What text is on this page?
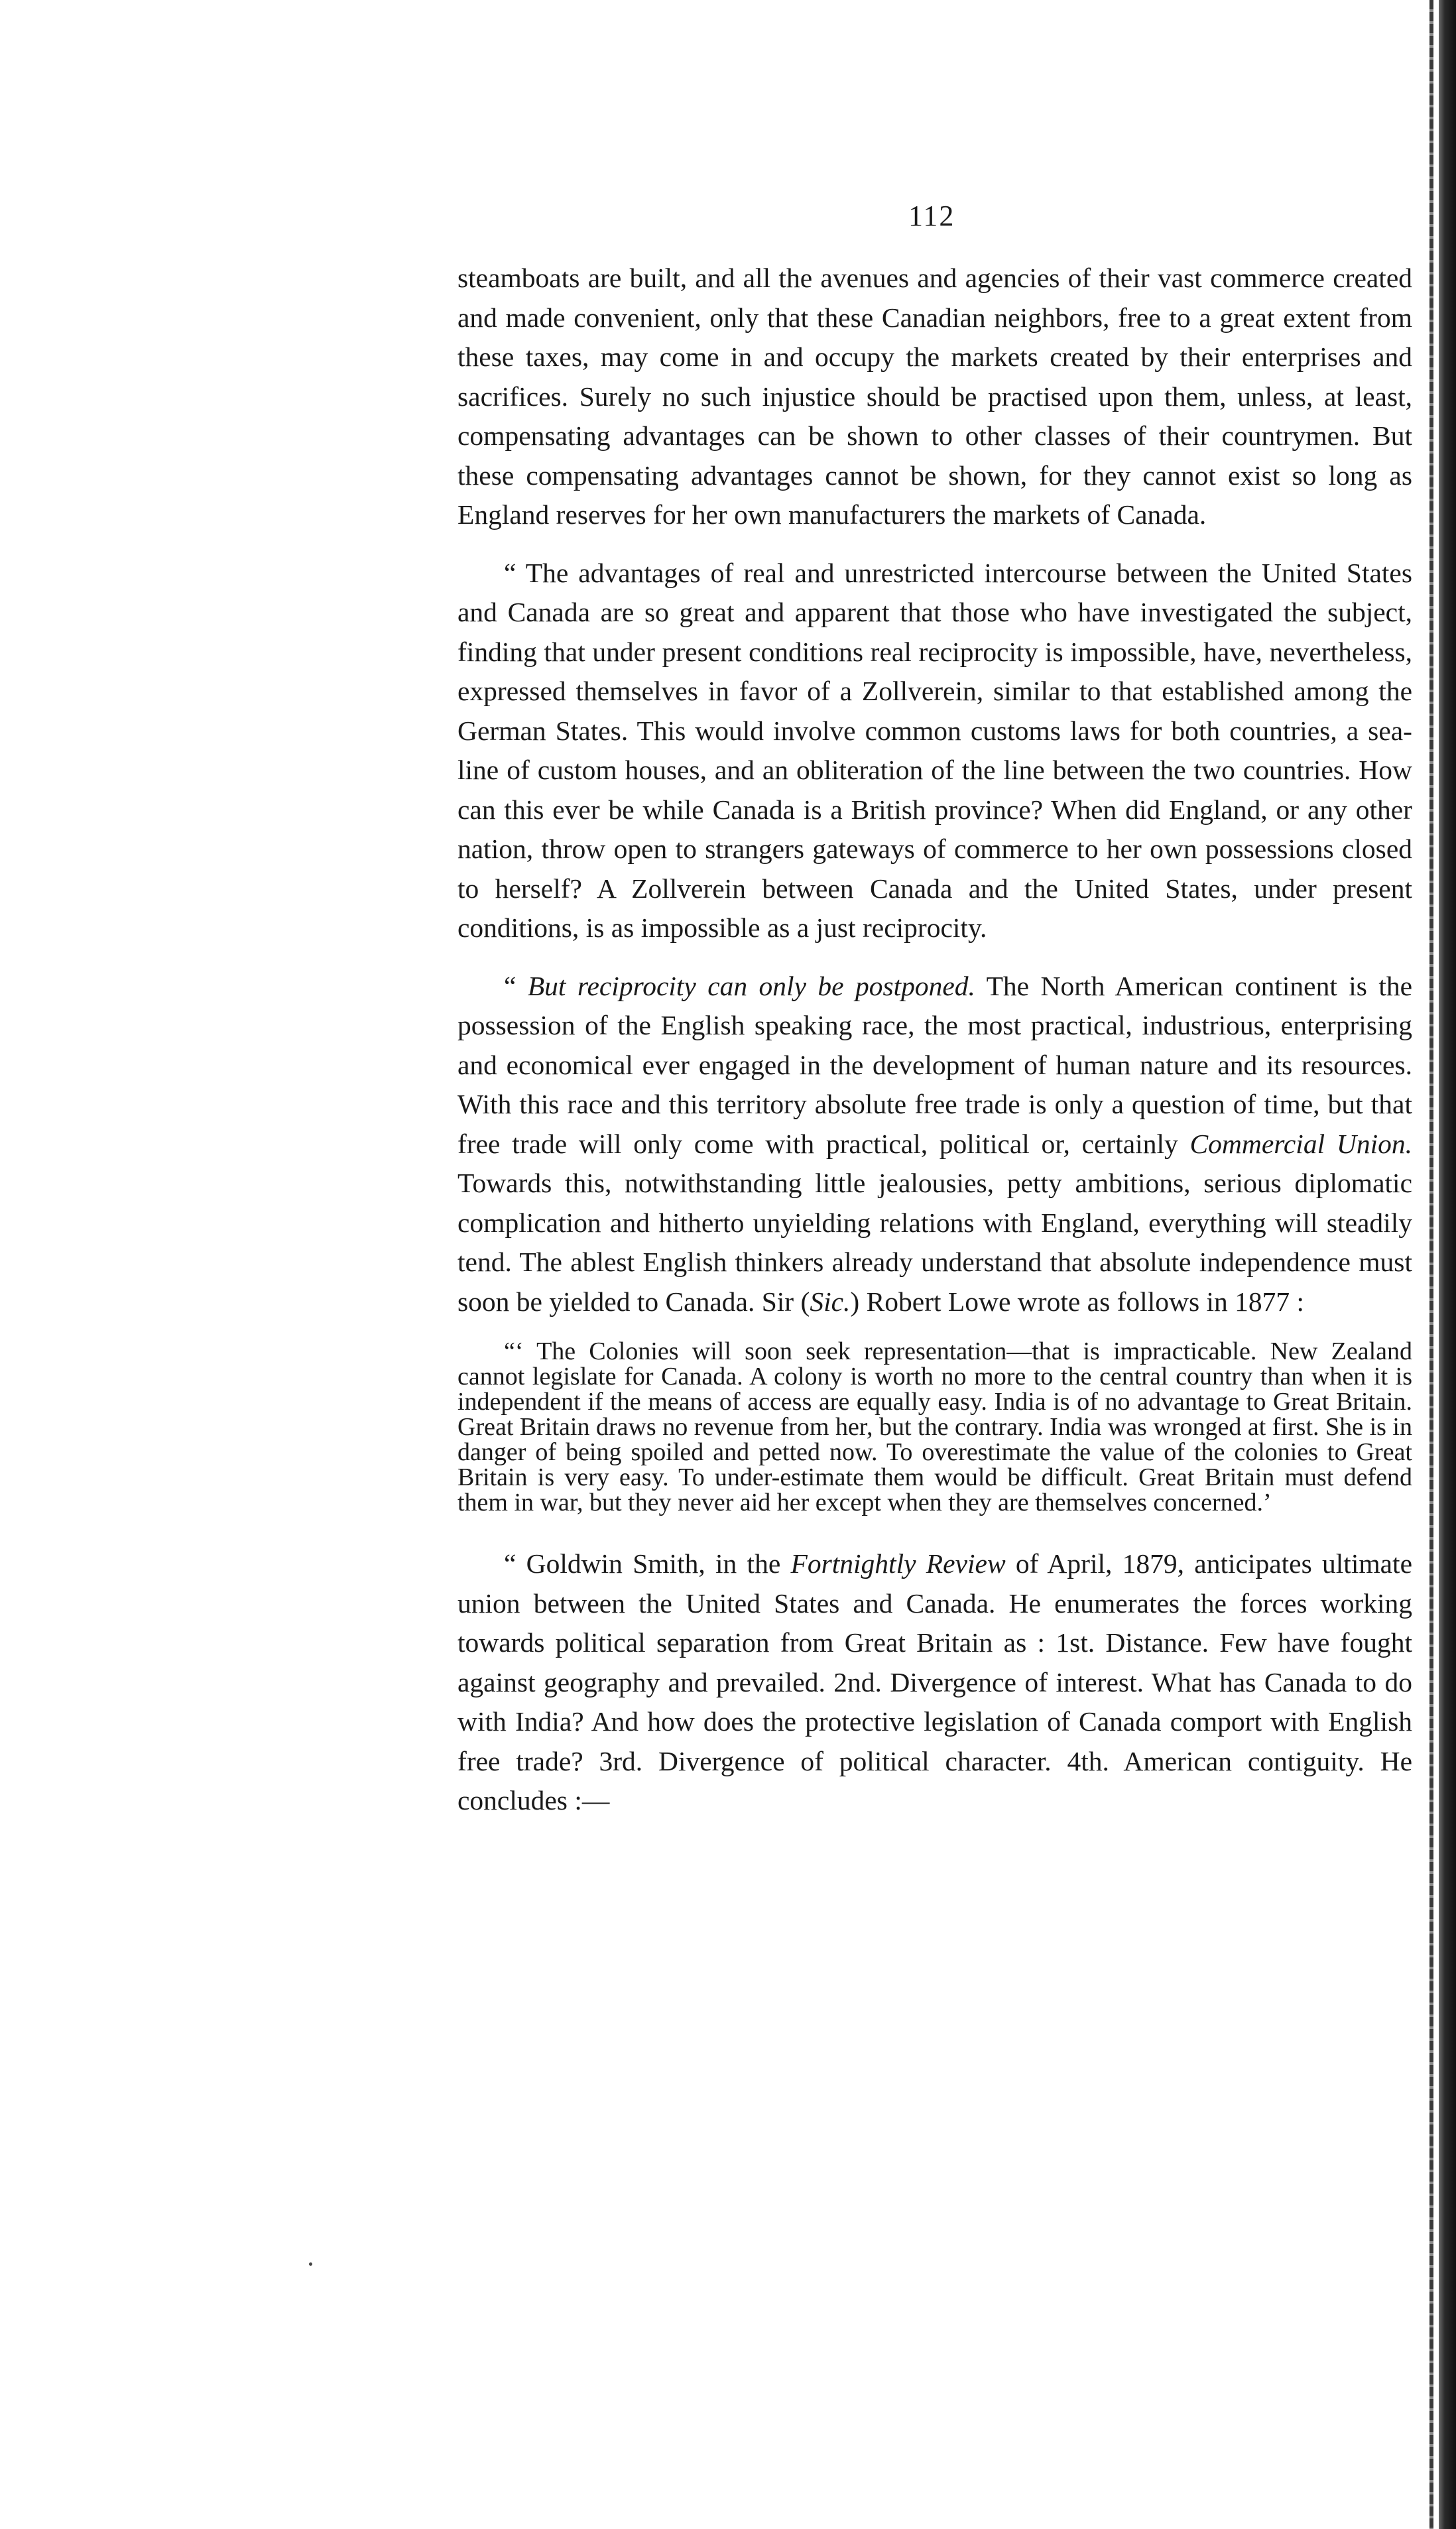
112

steamboats are built, and all the avenues and agencies of their vast commerce created and made convenient, only that these Canadian neighbors, free to a great extent from these taxes, may come in and occupy the markets created by their enterprises and sacrifices. Surely no such injustice should be practised upon them, unless, at least, compensating advantages can be shown to other classes of their countrymen. But these compensating advantages cannot be shown, for they cannot exist so long as England reserves for her own manufacturers the markets of Canada.

“ The advantages of real and unrestricted intercourse between the United States and Canada are so great and apparent that those who have investigated the subject, finding that under present conditions real reciprocity is impossible, have, nevertheless, expressed themselves in favor of a Zollverein, similar to that established among the German States. This would involve common customs laws for both countries, a sea-line of custom houses, and an obliteration of the line between the two countries. How can this ever be while Canada is a British province? When did England, or any other nation, throw open to strangers gateways of commerce to her own possessions closed to herself? A Zollverein between Canada and the United States, under present conditions, is as impossible as a just reciprocity.

“ But reciprocity can only be postponed. The North American continent is the possession of the English speaking race, the most practical, industrious, enterprising and economical ever engaged in the development of human nature and its resources. With this race and this territory absolute free trade is only a question of time, but that free trade will only come with practical, political or, certainly Commercial Union. Towards this, notwithstanding little jealousies, petty ambitions, serious diplomatic complication and hitherto unyielding relations with England, everything will steadily tend. The ablest English thinkers already understand that absolute independence must soon be yielded to Canada. Sir (Sic.) Robert Lowe wrote as follows in 1877 :

“‘ The Colonies will soon seek representation—that is impracticable. New Zealand cannot legislate for Canada. A colony is worth no more to the central country than when it is independent if the means of access are equally easy. India is of no advantage to Great Britain. Great Britain draws no revenue from her, but the contrary. India was wronged at first. She is in danger of being spoiled and petted now. To overestimate the value of the colonies to Great Britain is very easy. To under-estimate them would be difficult. Great Britain must defend them in war, but they never aid her except when they are themselves concerned.’

“ Goldwin Smith, in the Fortnightly Review of April, 1879, anticipates ultimate union between the United States and Canada. He enumerates the forces working towards political separation from Great Britain as : 1st. Distance. Few have fought against geography and prevailed. 2nd. Divergence of interest. What has Canada to do with India? And how does the protective legislation of Canada comport with English free trade? 3rd. Divergence of political character. 4th. American contiguity. He concludes :—
